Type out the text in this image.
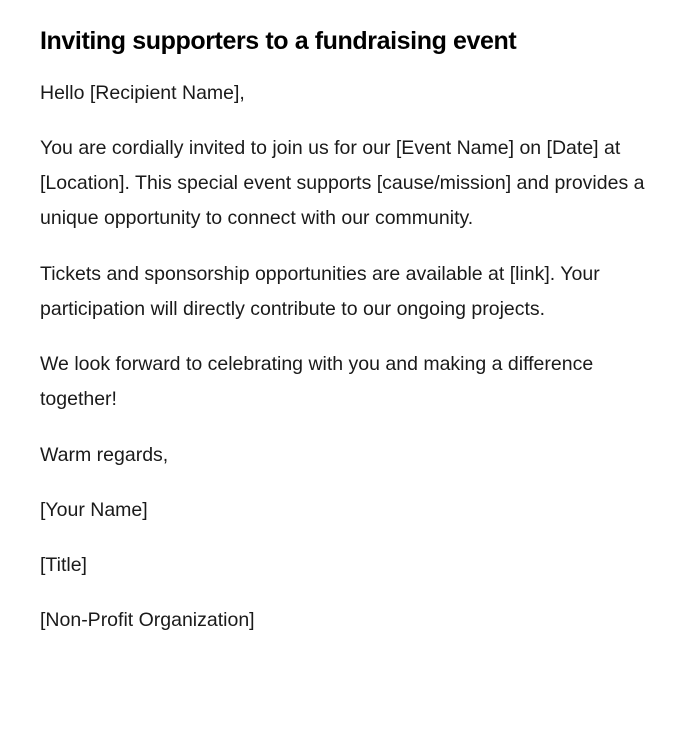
Inviting supporters to a fundraising event

Hello [Recipient Name],

You are cordially invited to join us for our [Event Name] on [Date] at [Location]. This special event supports [cause/mission] and provides a unique opportunity to connect with our community.

Tickets and sponsorship opportunities are available at [link]. Your participation will directly contribute to our ongoing projects.

We look forward to celebrating with you and making a difference together!

Warm regards,

[Your Name]

[Title]

[Non-Profit Organization]
